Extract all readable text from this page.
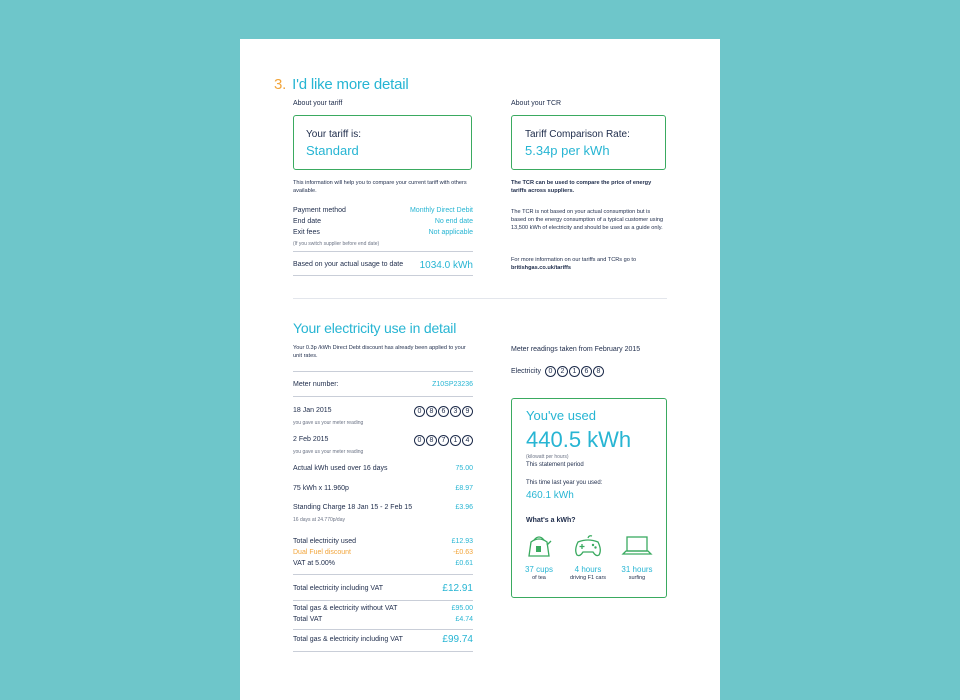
3. I'd like more detail
About your tariff
Your tariff is:
Standard
This information will help you to compare your current tariff with others available.
Payment method	Monthly Direct Debit
End date	No end date
Exit fees	Not applicable
(If you switch supplier before end date)
Based on your actual usage to date 1034.0 kWh
About your TCR
Tariff Comparison Rate:
5.34p per kWh
The TCR can be used to compare the price of energy tariffs across suppliers.
The TCR is not based on your actual consumption but is based on the energy consumption of a typical customer using 13,500 kWh of electricity and should be used as a guide only.
For more information on our tariffs and TCRs go to
britishgas.co.uk/tariffs
Your electricity use in detail
Your 0.3p /kWh Direct Debt discount has already been applied to your unit rates.
Meter number:	Z10SP23236
18 Jan 2015	0	8	6	3	9
you gave us your meter reading
2 Feb 2015	0	8	7	1	4
you gave us your meter reading
Actual kWh used over 16 days	75.00
75 kWh x 11.960p	£8.97
Standing Charge 18 Jan 15 - 2 Feb 15	£3.96
16 days at 24.770p/day
Total electricity used	£12.93
Dual Fuel discount	-£0.63
VAT at 5.00%	£0.61
Total electricity including VAT	£12.91
Total gas & electricity without VAT	£95.00
Total VAT	£4.74
Total gas & electricity including VAT	£99.74
Meter readings taken from February 2015
Electricity	0	2	1	6	8
You've used
440.5 kWh
(kilowatt per hours)
This statement period
This time last year you used:
460.1 kWh
What's a kWh?
37 cups
of tea
4 hours
driving F1 cars
31 hours
surfing
